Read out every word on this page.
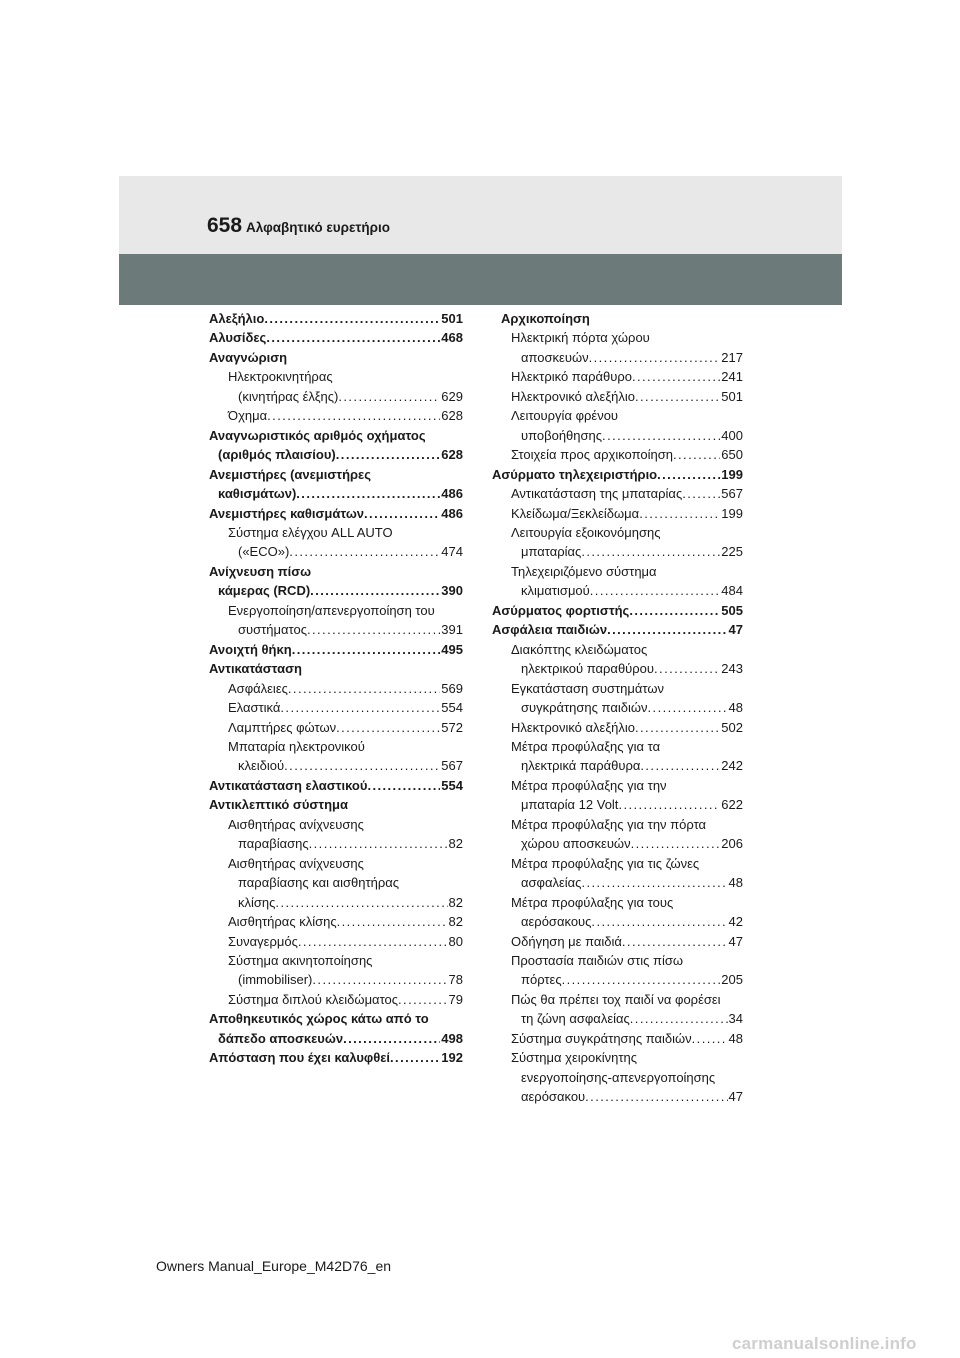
658 Αλφαβητικό ευρετήριο
Αλεξήλιο . . .	501
Αλυσίδες . . .	468
Αναγνώριση
Ηλεκτροκινητήρας
(κινητήρας έλξης) . . .	629
Όχημα . . .	628
Αναγνωριστικός αριθμός οχήματος
(αριθμός πλαισίου) . . .	628
Ανεμιστήρες (ανεμιστήρες
καθισμάτων) . . .	486
Ανεμιστήρες καθισμάτων . . .	486
Σύστημα ελέγχου ALL AUTO
(«ECO») . . .	474
Ανίχνευση πίσω
κάμερας (RCD) . . .	390
Ενεργοποίηση/απενεργοποίηση του
συστήματος . . .	391
Ανοιχτή θήκη . . .	495
Αντικατάσταση
Ασφάλειες . . .	569
Ελαστικά . . .	554
Λαμπτήρες φώτων . . .	572
Μπαταρία ηλεκτρονικού
κλειδιού . . .	567
Αντικατάσταση ελαστικού . . .	554
Αντικλεπτικό σύστημα
Αισθητήρας ανίχνευσης
παραβίασης . . .	82
Αισθητήρας ανίχνευσης
παραβίασης και αισθητήρας
κλίσης . . .	82
Αισθητήρας κλίσης . . .	82
Συναγερμός . . .	80
Σύστημα ακινητοποίησης
(immobiliser) . . .	78
Σύστημα διπλού κλειδώματος . . .	79
Αποθηκευτικός χώρος κάτω από το
δάπεδο αποσκευών . . .	498
Απόσταση που έχει καλυφθεί . . .	192
Αρχικοποίηση
Ηλεκτρική πόρτα χώρου
αποσκευών . . .	217
Ηλεκτρικό παράθυρο . . .	241
Ηλεκτρονικό αλεξήλιο . . .	501
Λειτουργία φρένου
υποβοήθησης . . .	400
Στοιχεία προς αρχικοποίηση . . .	650
Ασύρματο τηλεχειριστήριο . . .	199
Αντικατάσταση της μπαταρίας . . .	567
Κλείδωμα/Ξεκλείδωμα . . .	199
Λειτουργία εξοικονόμησης
μπαταρίας . . .	225
Τηλεχειριζόμενο σύστημα
κλιματισμού . . .	484
Ασύρματος φορτιστής . . .	505
Ασφάλεια παιδιών . . .	47
Διακόπτης κλειδώματος
ηλεκτρικού παραθύρου . . .	243
Εγκατάσταση συστημάτων
συγκράτησης παιδιών . . .	48
Ηλεκτρονικό αλεξήλιο . . .	502
Μέτρα προφύλαξης για τα
ηλεκτρικά παράθυρα . . .	242
Μέτρα προφύλαξης για την
μπαταρία 12 Volt . . .	622
Μέτρα προφύλαξης για την πόρτα
χώρου αποσκευών . . .	206
Μέτρα προφύλαξης για τις ζώνες
ασφαλείας . . .	48
Μέτρα προφύλαξης για τους
αερόσακους . . .	42
Οδήγηση με παιδιά . . .	47
Προστασία παιδιών στις πίσω
πόρτες . . .	205
Πώς θα πρέπει τοχ παιδί να φορέσει
τη ζώνη ασφαλείας . . .	34
Σύστημα συγκράτησης παιδιών . . .	48
Σύστημα χειροκίνητης
ενεργοποίησης-απενεργοποίησης
αερόσακου . . .	47
Owners Manual_Europe_M42D76_en
carmanualsonline.info
